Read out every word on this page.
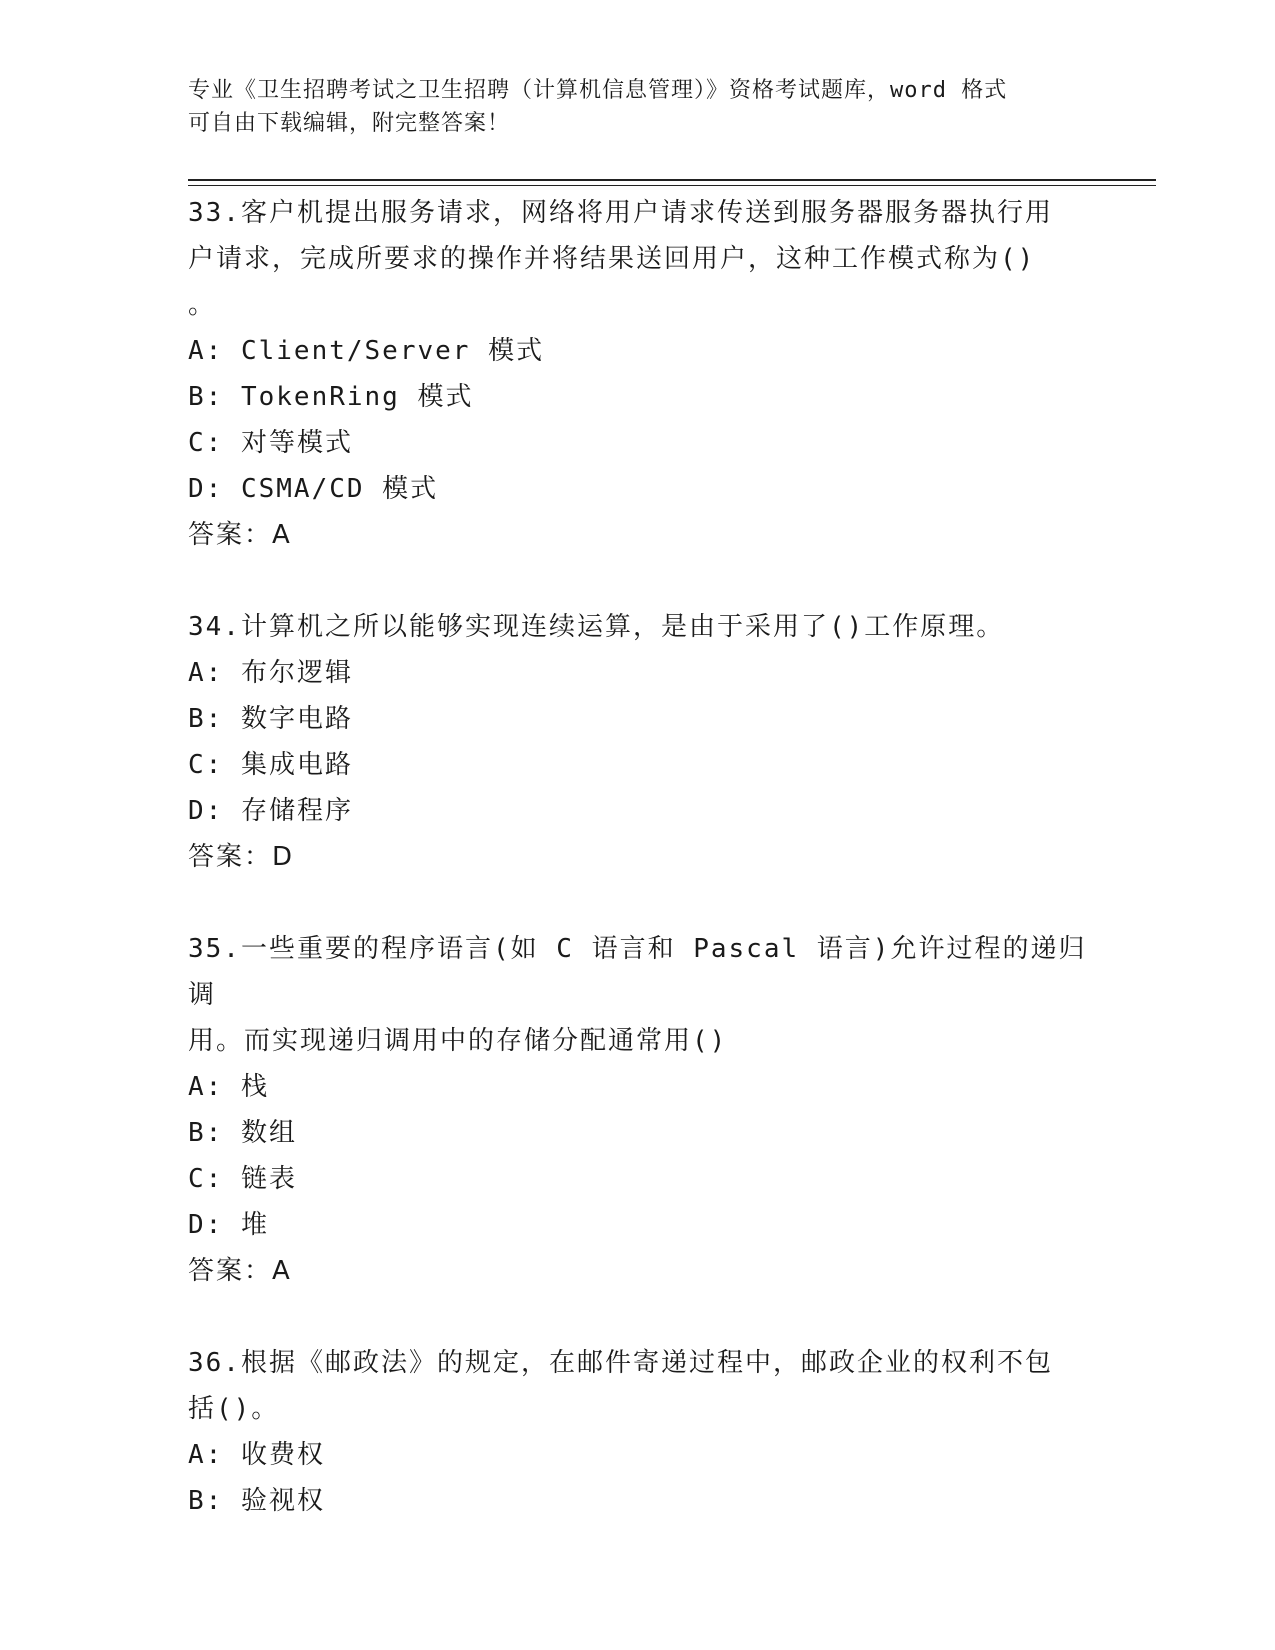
专业《卫生招聘考试之卫生招聘（计算机信息管理）》资格考试题库，word 格式
可自由下载编辑，附完整答案！

33.客户机提出服务请求，网络将用户请求传送到服务器服务器执行用

户请求，完成所要求的操作并将结果送回用户，这种工作模式称为()

。

A: Client/Server 模式

B: TokenRing 模式

C: 对等模式

D: CSMA/CD 模式

答案：A

34.计算机之所以能够实现连续运算，是由于采用了()工作原理。

A: 布尔逻辑

B: 数字电路

C: 集成电路

D: 存储程序

答案：D

35.一些重要的程序语言(如 C 语言和 Pascal 语言)允许过程的递归调

用。而实现递归调用中的存储分配通常用()

A: 栈

B: 数组

C: 链表

D: 堆

答案：A

36.根据《邮政法》的规定，在邮件寄递过程中，邮政企业的权利不包

括()。

A: 收费权

B: 验视权
